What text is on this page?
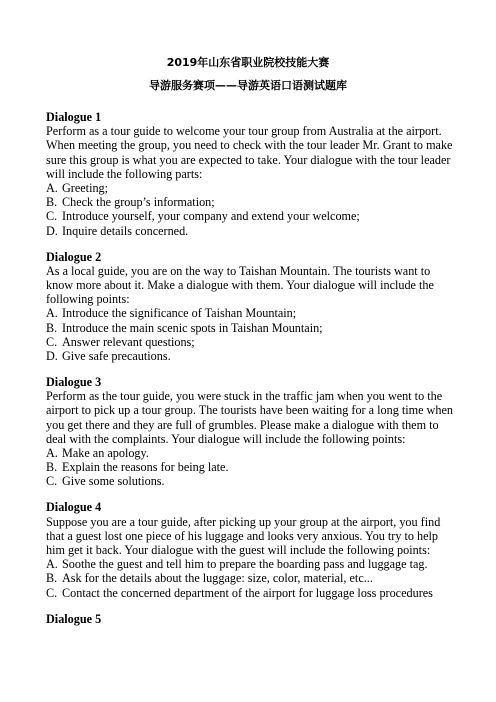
2019年山东省职业院校技能大赛

导游服务赛项——导游英语口语测试题库

Dialogue 1

Perform as a tour guide to welcome your tour group from Australia at the airport. When meeting the group, you need to check with the tour leader Mr. Grant to make sure this group is what you are expected to take. Your dialogue with the tour leader will include the following parts:

A. Greeting;
B. Check the group’s information;
C. Introduce yourself, your company and extend your welcome;
D. Inquire details concerned.
Dialogue 2

As a local guide, you are on the way to Taishan Mountain. The tourists want to know more about it. Make a dialogue with them. Your dialogue will include the following points:

A. Introduce the significance of Taishan Mountain;
B. Introduce the main scenic spots in Taishan Mountain;
C. Answer relevant questions;
D. Give safe precautions.
Dialogue 3

Perform as the tour guide, you were stuck in the traffic jam when you went to the airport to pick up a tour group. The tourists have been waiting for a long time when you get there and they are full of grumbles. Please make a dialogue with them to deal with the complaints. Your dialogue will include the following points:

A. Make an apology.
B. Explain the reasons for being late.
C. Give some solutions.
Dialogue 4

Suppose you are a tour guide, after picking up your group at the airport, you find that a guest lost one piece of his luggage and looks very anxious. You try to help him get it back. Your dialogue with the guest will include the following points:

A. Soothe the guest and tell him to prepare the boarding pass and luggage tag.
B. Ask for the details about the luggage: size, color, material, etc...
C. Contact the concerned department of the airport for luggage loss procedures
Dialogue 5
